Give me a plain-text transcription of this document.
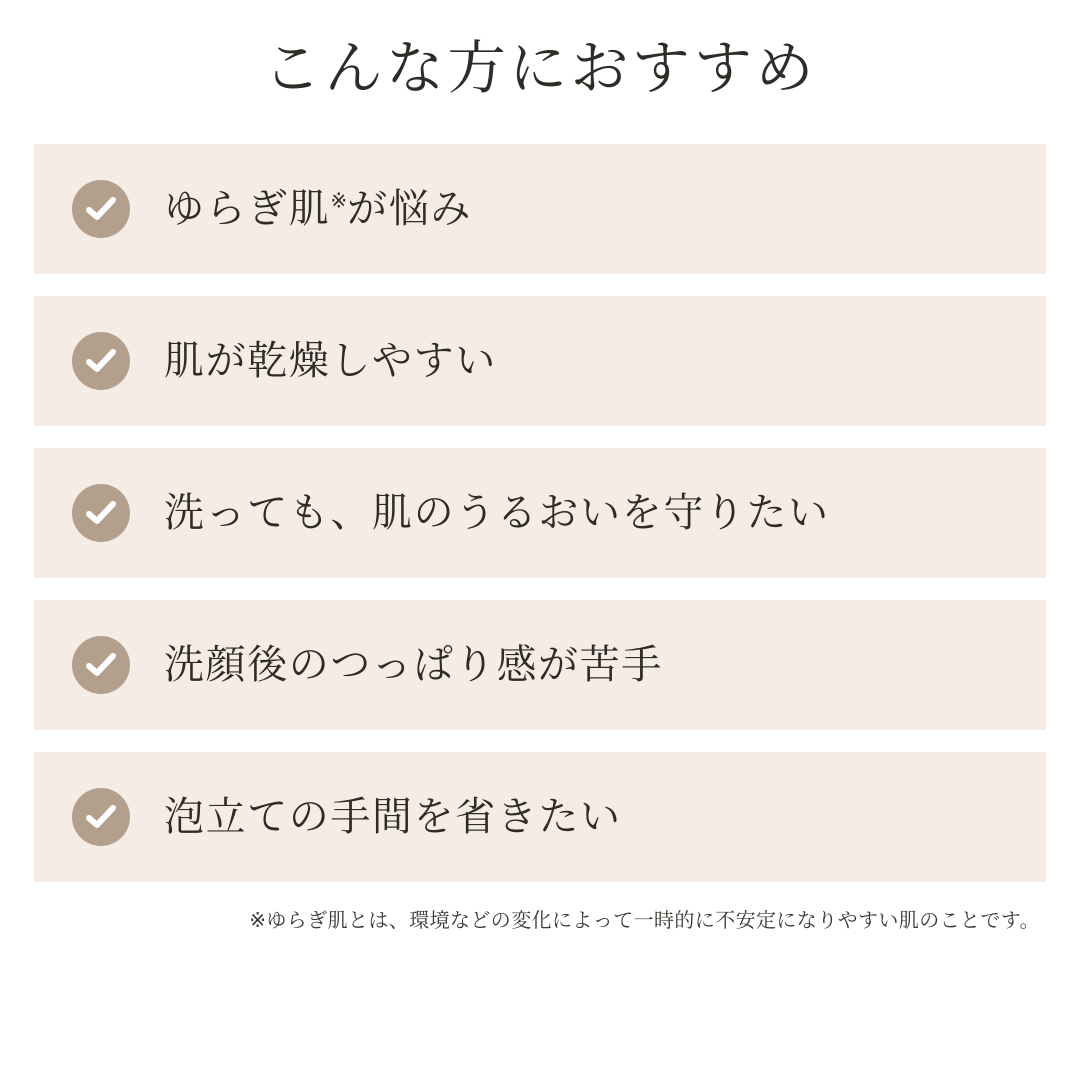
こんな方におすすめ
ゆらぎ肌※が悩み
肌が乾燥しやすい
洗っても、肌のうるおいを守りたい
洗顔後のつっぱり感が苦手
泡立ての手間を省きたい
※ゆらぎ肌とは、環境などの変化によって一時的に不安定になりやすい肌のことです。
